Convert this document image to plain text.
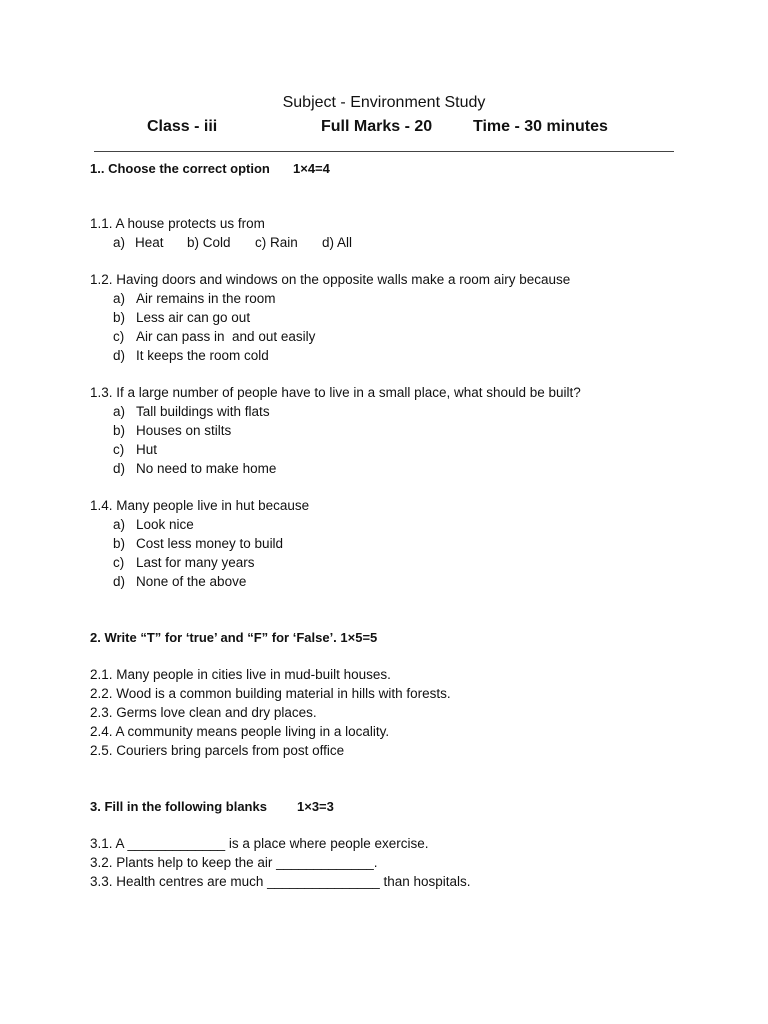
Subject - Environment Study
Class - iii	Full Marks - 20	Time - 30 minutes
1.. Choose the correct option 1×4=4
1.1. A house protects us from
a) Heat b) Cold c) Rain d) All
1.2. Having doors and windows on the opposite walls make a room airy because
a) Air remains in the room
b) Less air can go out
c) Air can pass in  and out easily
d) It keeps the room cold
1.3. If a large number of people have to live in a small place, what should be built?
a) Tall buildings with flats
b) Houses on stilts
c) Hut
d) No need to make home
1.4. Many people live in hut because
a) Look nice
b) Cost less money to build
c) Last for many years
d) None of the above
2. Write “T” for ‘true’ and “F” for ‘False’. 1×5=5
2.1. Many people in cities live in mud-built houses.
2.2. Wood is a common building material in hills with forests.
2.3. Germs love clean and dry places.
2.4. A community means people living in a locality.
2.5. Couriers bring parcels from post office
3. Fill in the following blanks 1×3=3
3.1. A _____________ is a place where people exercise.
3.2. Plants help to keep the air _____________.
3.3. Health centres are much _______________ than hospitals.
